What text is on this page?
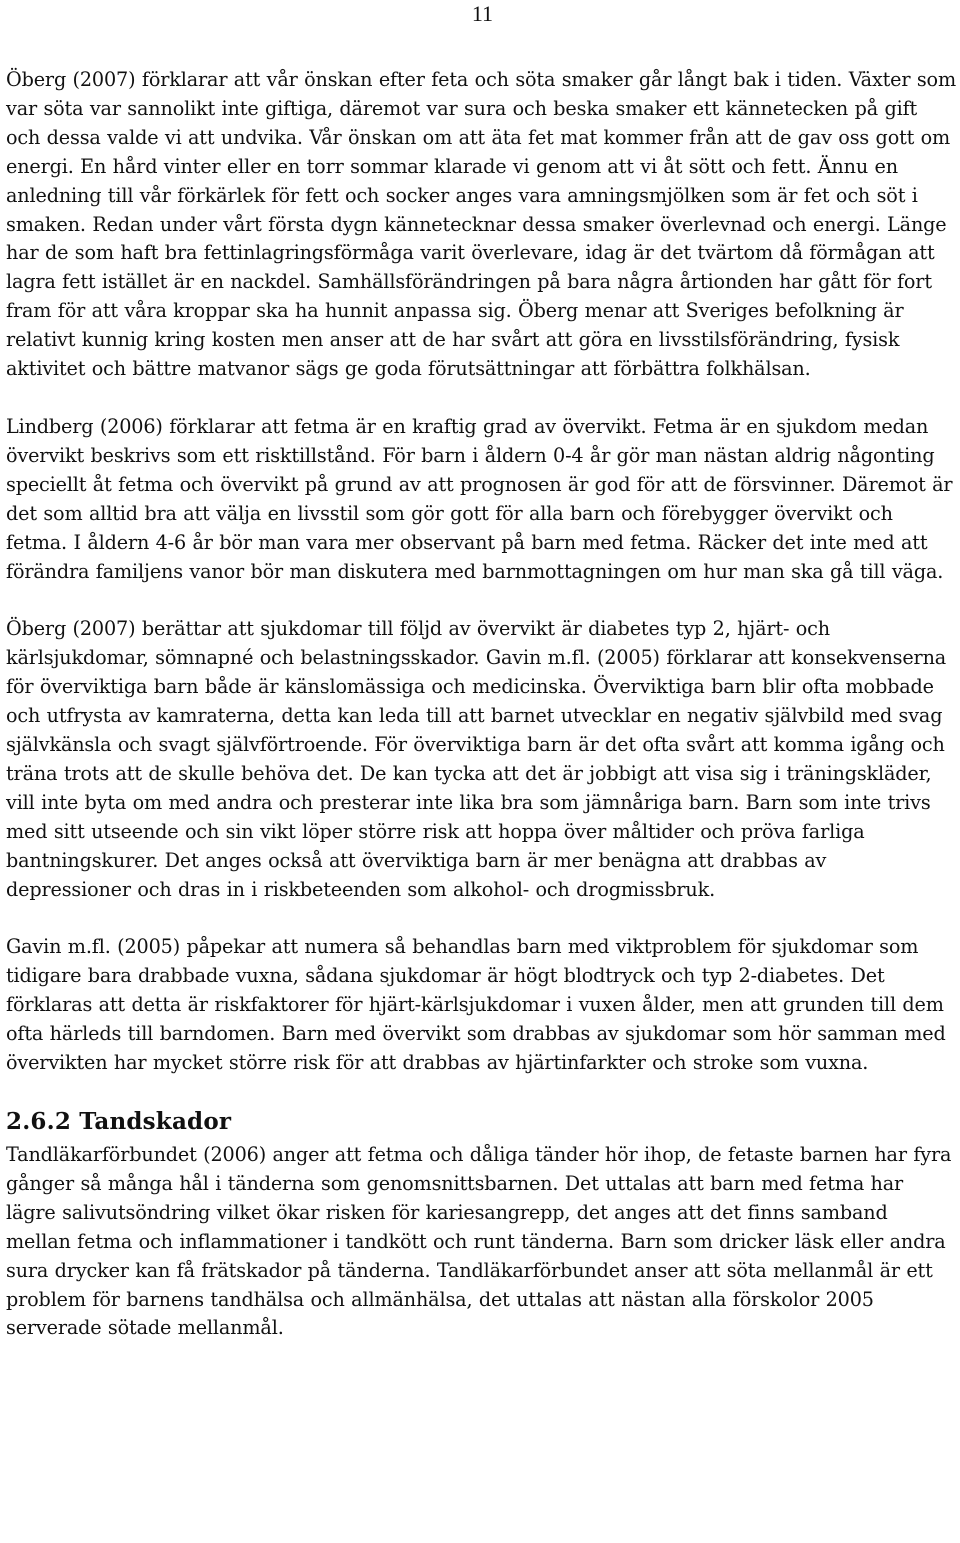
11

Öberg (2007) förklarar att vår önskan efter feta och söta smaker går långt bak i tiden. Växter som var söta var sannolikt inte giftiga, däremot var sura och beska smaker ett kännetecken på gift och dessa valde vi att undvika. Vår önskan om att äta fet mat kommer från att de gav oss gott om energi. En hård vinter eller en torr sommar klarade vi genom att vi åt sött och fett. Ännu en anledning till vår förkärlek för fett och socker anges vara amningsmjölken som är fet och söt i smaken. Redan under vårt första dygn kännetecknar dessa smaker överlevnad och energi. Länge har de som haft bra fettinlagringsförmåga varit överlevare, idag är det tvärtom då förmågan att lagra fett istället är en nackdel. Samhällsförändringen på bara några årtionden har gått för fort fram för att våra kroppar ska ha hunnit anpassa sig. Öberg menar att Sveriges befolkning är relativt kunnig kring kosten men anser att de har svårt att göra en livsstilsförändring, fysisk aktivitet och bättre matvanor sägs ge goda förutsättningar att förbättra folkhälsan.

Lindberg (2006) förklarar att fetma är en kraftig grad av övervikt. Fetma är en sjukdom medan övervikt beskrivs som ett risktillstånd. För barn i åldern 0-4 år gör man nästan aldrig någonting speciellt åt fetma och övervikt på grund av att prognosen är god för att de försvinner. Däremot är det som alltid bra att välja en livsstil som gör gott för alla barn och förebygger övervikt och fetma. I åldern 4-6 år bör man vara mer observant på barn med fetma. Räcker det inte med att förändra familjens vanor bör man diskutera med barnmottagningen om hur man ska gå till väga.

Öberg (2007) berättar att sjukdomar till följd av övervikt är diabetes typ 2, hjärt- och kärlsjukdomar, sömnapné och belastningsskador. Gavin m.fl. (2005) förklarar att konsekvenserna för överviktiga barn både är känslomässiga och medicinska. Överviktiga barn blir ofta mobbade och utfrysta av kamraterna, detta kan leda till att barnet utvecklar en negativ självbild med svag självkänsla och svagt självförtroende. För överviktiga barn är det ofta svårt att komma igång och träna trots att de skulle behöva det. De kan tycka att det är jobbigt att visa sig i träningskläder, vill inte byta om med andra och presterar inte lika bra som jämnåriga barn. Barn som inte trivs med sitt utseende och sin vikt löper större risk att hoppa över måltider och pröva farliga bantningskurer. Det anges också att överviktiga barn är mer benägna att drabbas av depressioner och dras in i riskbeteenden som alkohol- och drogmissbruk.

Gavin m.fl. (2005) påpekar att numera så behandlas barn med viktproblem för sjukdomar som tidigare bara drabbade vuxna, sådana sjukdomar är högt blodtryck och typ 2-diabetes. Det förklaras att detta är riskfaktorer för hjärt-kärlsjukdomar i vuxen ålder, men att grunden till dem ofta härleds till barndomen. Barn med övervikt som drabbas av sjukdomar som hör samman med övervikten har mycket större risk för att drabbas av hjärtinfarkter och stroke som vuxna.

2.6.2 Tandskador

Tandläkarförbundet (2006) anger att fetma och dåliga tänder hör ihop, de fetaste barnen har fyra gånger så många hål i tänderna som genomsnittsbarnen. Det uttalas att barn med fetma har lägre salivutsöndring vilket ökar risken för kariesangrepp, det anges att det finns samband mellan fetma och inflammationer i tandkött och runt tänderna. Barn som dricker läsk eller andra sura drycker kan få frätskador på tänderna. Tandläkarförbundet anser att söta mellanmål är ett problem för barnens tandhälsa och allmänhälsa, det uttalas att nästan alla förskolor 2005 serverade sötade mellanmål.
